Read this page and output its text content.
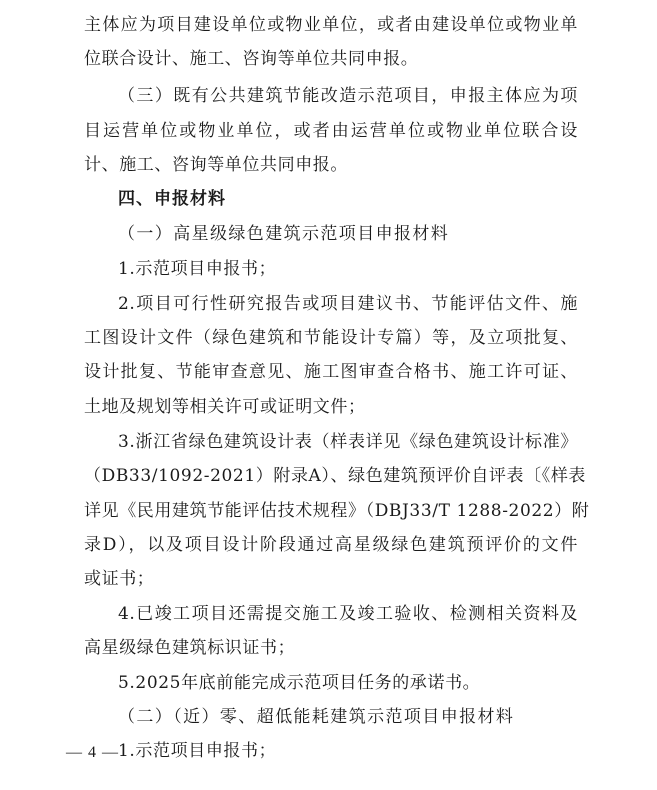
主体应为项目建设单位或物业单位，或者由建设单位或物业单
位联合设计、施工、咨询等单位共同申报。
（三）既有公共建筑节能改造示范项目，申报主体应为项
目运营单位或物业单位，或者由运营单位或物业单位联合设
计、施工、咨询等单位共同申报。
四、申报材料
（一）高星级绿色建筑示范项目申报材料
1.示范项目申报书；
2.项目可行性研究报告或项目建议书、节能评估文件、施
工图设计文件（绿色建筑和节能设计专篇）等，及立项批复、
设计批复、节能审查意见、施工图审查合格书、施工许可证、
土地及规划等相关许可或证明文件；
3.浙江省绿色建筑设计表（样表详见《绿色建筑设计标准》
（DB33/1092-2021）附录A）、绿色建筑预评价自评表〔《样表
详见《民用建筑节能评估技术规程》（DBJ33/T 1288-2022）附
录D），以及项目设计阶段通过高星级绿色建筑预评价的文件
或证书；
4.已竣工项目还需提交施工及竣工验收、检测相关资料及
高星级绿色建筑标识证书；
5.2025年底前能完成示范项目任务的承诺书。
（二）（近）零、超低能耗建筑示范项目申报材料
— 4 — 1.示范项目申报书；
